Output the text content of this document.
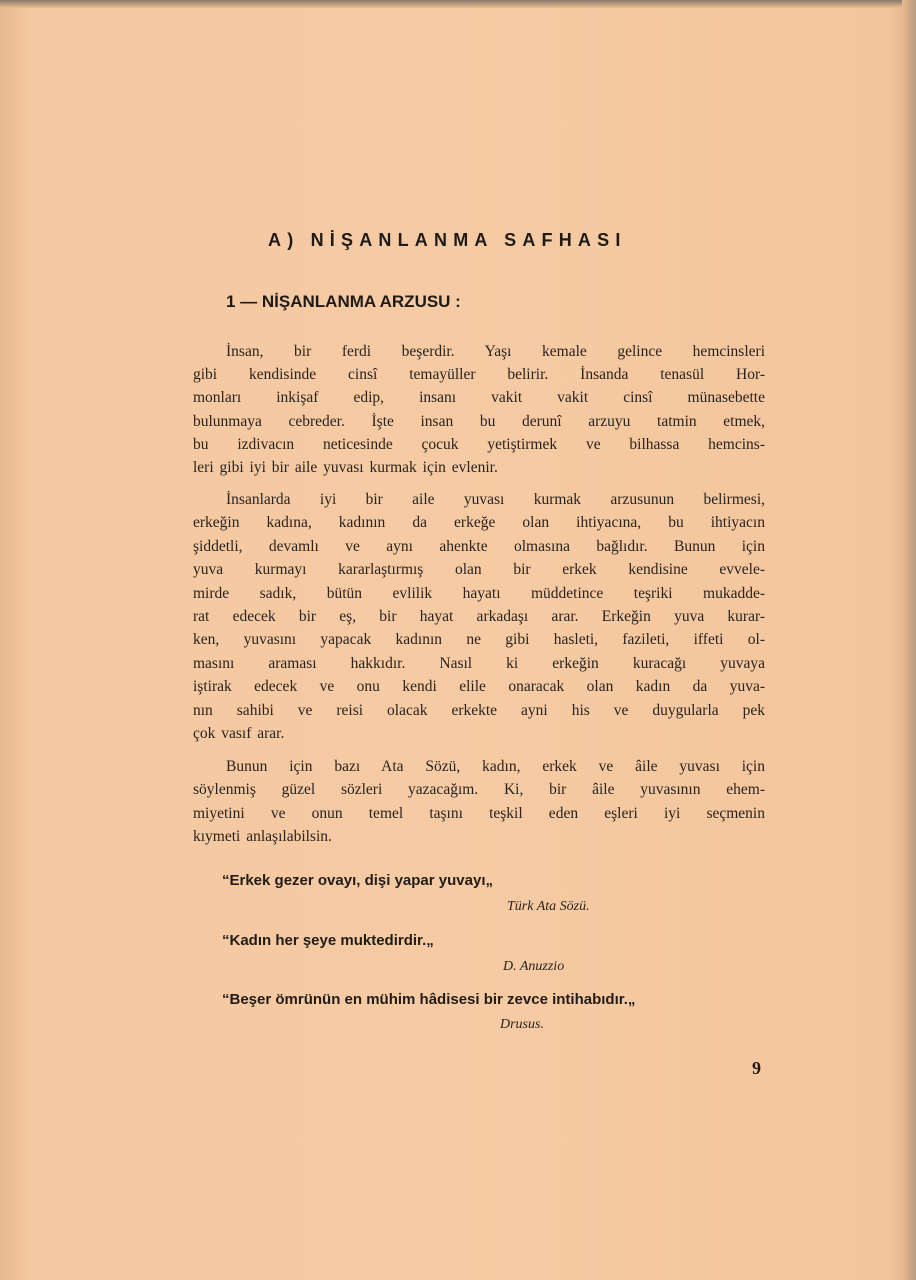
A) NİŞANLANMA SAFHASI
1 — NİŞANLANMA ARZUSU :
İnsan, bir ferdi beşerdir. Yaşı kemale gelince hemcinsleri
gibi kendisinde cinsî temayüller belirir. İnsanda tenasül Hor-
monları inkişaf edip, insanı vakit vakit cinsî münasebette
bulunmaya cebreder. İşte insan bu derunî arzuyu tatmin etmek,
bu izdivacın neticesinde çocuk yetiştirmek ve bilhassa hemcins-
leri gibi iyi bir aile yuvası kurmak için evlenir.
İnsanlarda iyi bir aile yuvası kurmak arzusunun belirmesi,
erkeğin kadına, kadının da erkeğe olan ihtiyacına, bu ihtiyacın
şiddetli, devamlı ve aynı ahenkte olmasına bağlıdır. Bunun için
yuva kurmayı kararlaştırmış olan bir erkek kendisine evvele-
mirde sadık, bütün evlilik hayatı müddetince teşriki mukadde-
rat edecek bir eş, bir hayat arkadaşı arar. Erkeğin yuva kurar-
ken, yuvasını yapacak kadının ne gibi hasleti, fazileti, iffeti ol-
masını araması hakkıdır. Nasıl ki erkeğin kuracağı yuvaya
iştirak edecek ve onu kendi elile onaracak olan kadın da yuva-
nın sahibi ve reisi olacak erkekte ayni his ve duygularla pek
çok vasıf arar.
Bunun için bazı Ata Sözü, kadın, erkek ve âile yuvası için
söylenmiş güzel sözleri yazacağım. Ki, bir âile yuvasının ehem-
miyetini ve onun temel taşını teşkil eden eşleri iyi seçmenin
kıymeti anlaşılabilsin.
“Erkek gezer ovayı, dişi yapar yuvayı„
Türk Ata Sözü.
“Kadın her şeye muktedirdir.„
D. Anuzzio
“Beşer ömrünün en mühim hâdisesi bir zevce intihabıdır.„
Drusus.
9
